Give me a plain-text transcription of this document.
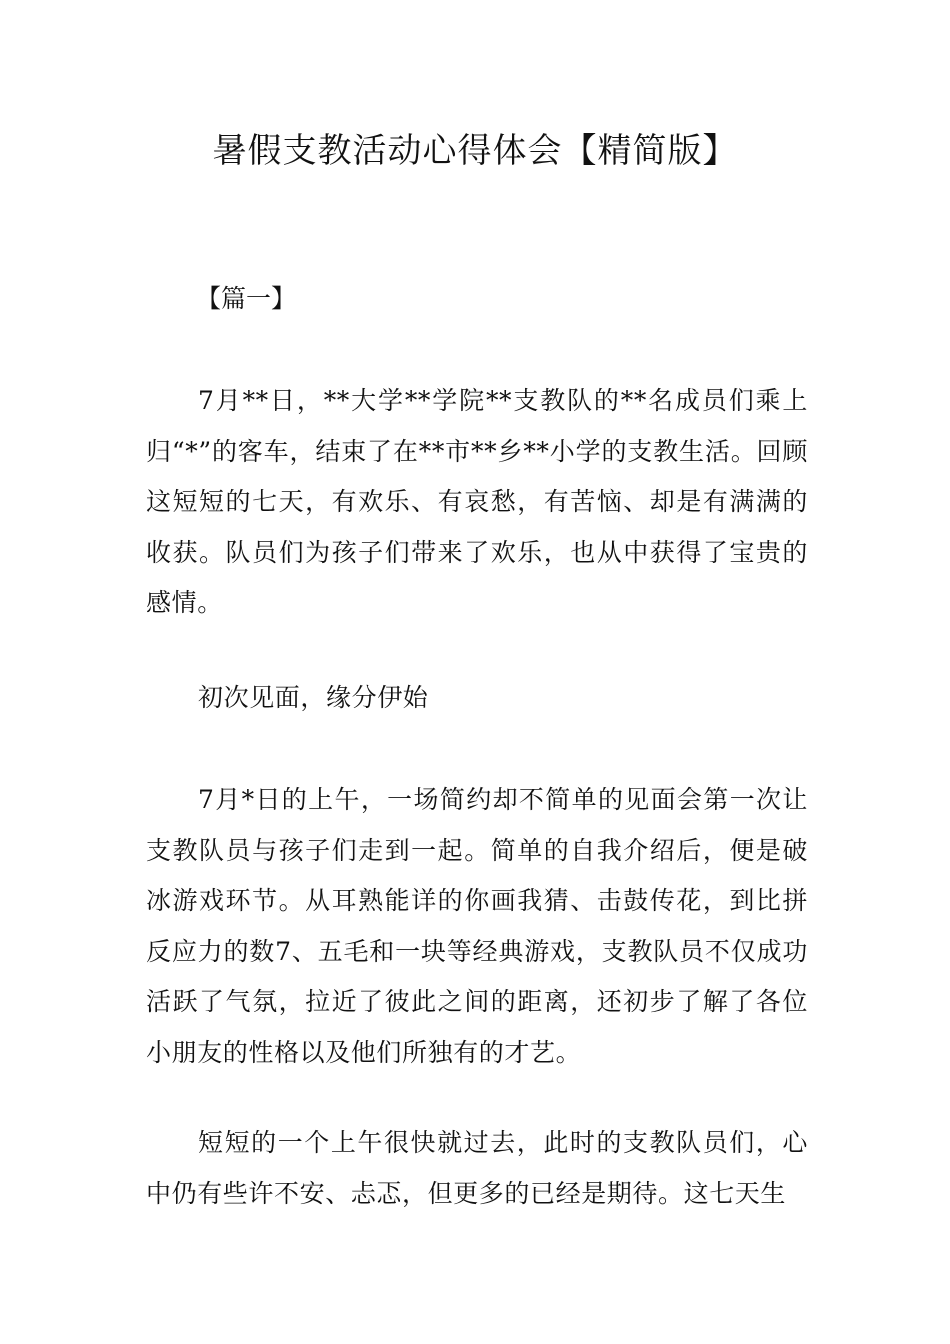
暑假支教活动心得体会【精简版】

【篇一】

7月**日，**大学**学院**支教队的**名成员们乘上归“*”的客车，结束了在**市**乡**小学的支教生活。回顾这短短的七天，有欢乐、有哀愁，有苦恼、却是有满满的收获。队员们为孩子们带来了欢乐，也从中获得了宝贵的感情。

初次见面，缘分伊始

7月*日的上午，一场简约却不简单的见面会第一次让支教队员与孩子们走到一起。简单的自我介绍后，便是破冰游戏环节。从耳熟能详的你画我猜、击鼓传花，到比拼反应力的数7、五毛和一块等经典游戏，支教队员不仅成功活跃了气氛，拉近了彼此之间的距离，还初步了解了各位小朋友的性格以及他们所独有的才艺。

短短的一个上午很快就过去，此时的支教队员们，心中仍有些许不安、忐忑，但更多的已经是期待。这七天生
